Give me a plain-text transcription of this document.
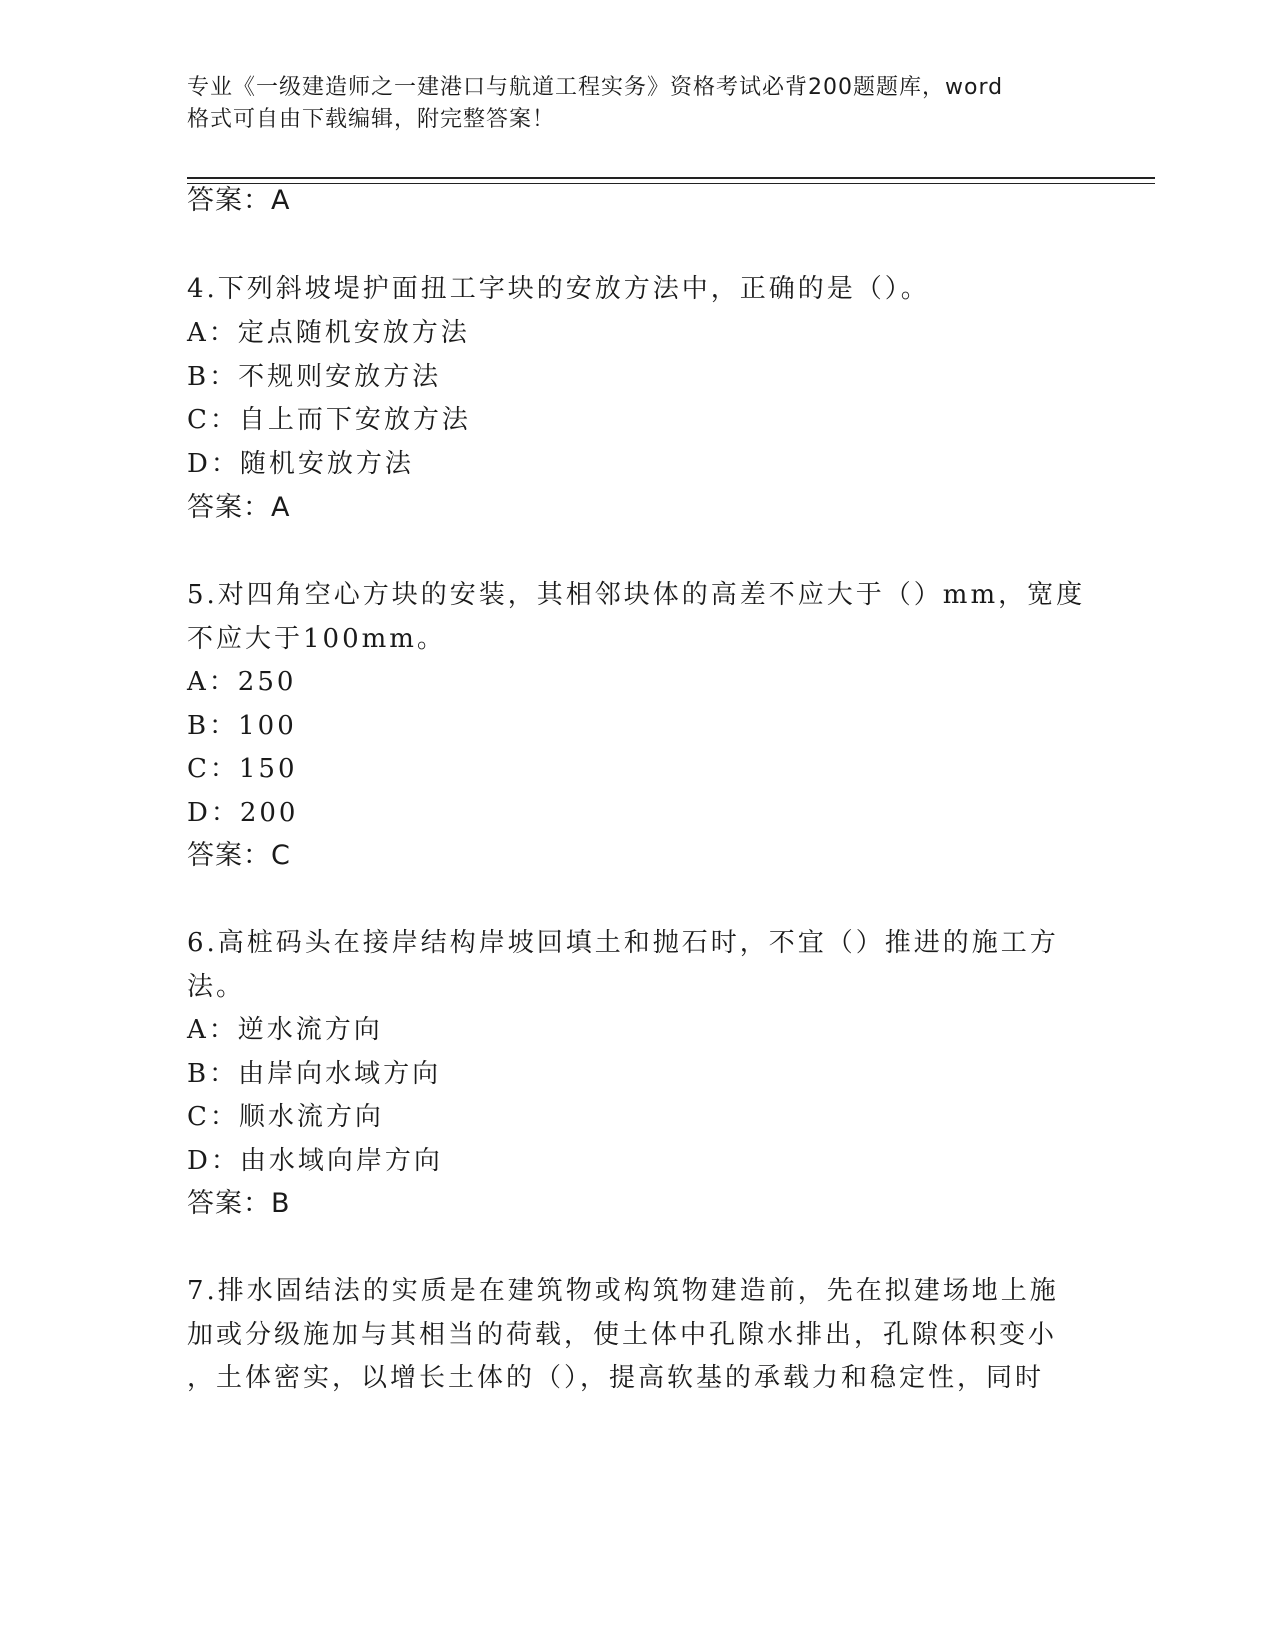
专业《一级建造师之一建港口与航道工程实务》资格考试必背200题题库，word
格式可自由下载编辑，附完整答案！
答案：A
4.下列斜坡堤护面扭工字块的安放方法中，正确的是（）。
A：定点随机安放方法
B：不规则安放方法
C：自上而下安放方法
D：随机安放方法
答案：A
5.对四角空心方块的安装，其相邻块体的高差不应大于（）mm，宽度
不应大于100mm。
A：250
B：100
C：150
D：200
答案：C
6.高桩码头在接岸结构岸坡回填土和抛石时，不宜（）推进的施工方
法。
A：逆水流方向
B：由岸向水域方向
C：顺水流方向
D：由水域向岸方向
答案：B
7.排水固结法的实质是在建筑物或构筑物建造前，先在拟建场地上施
加或分级施加与其相当的荷载，使土体中孔隙水排出，孔隙体积变小
，土体密实，以增长土体的（），提高软基的承载力和稳定性，同时
